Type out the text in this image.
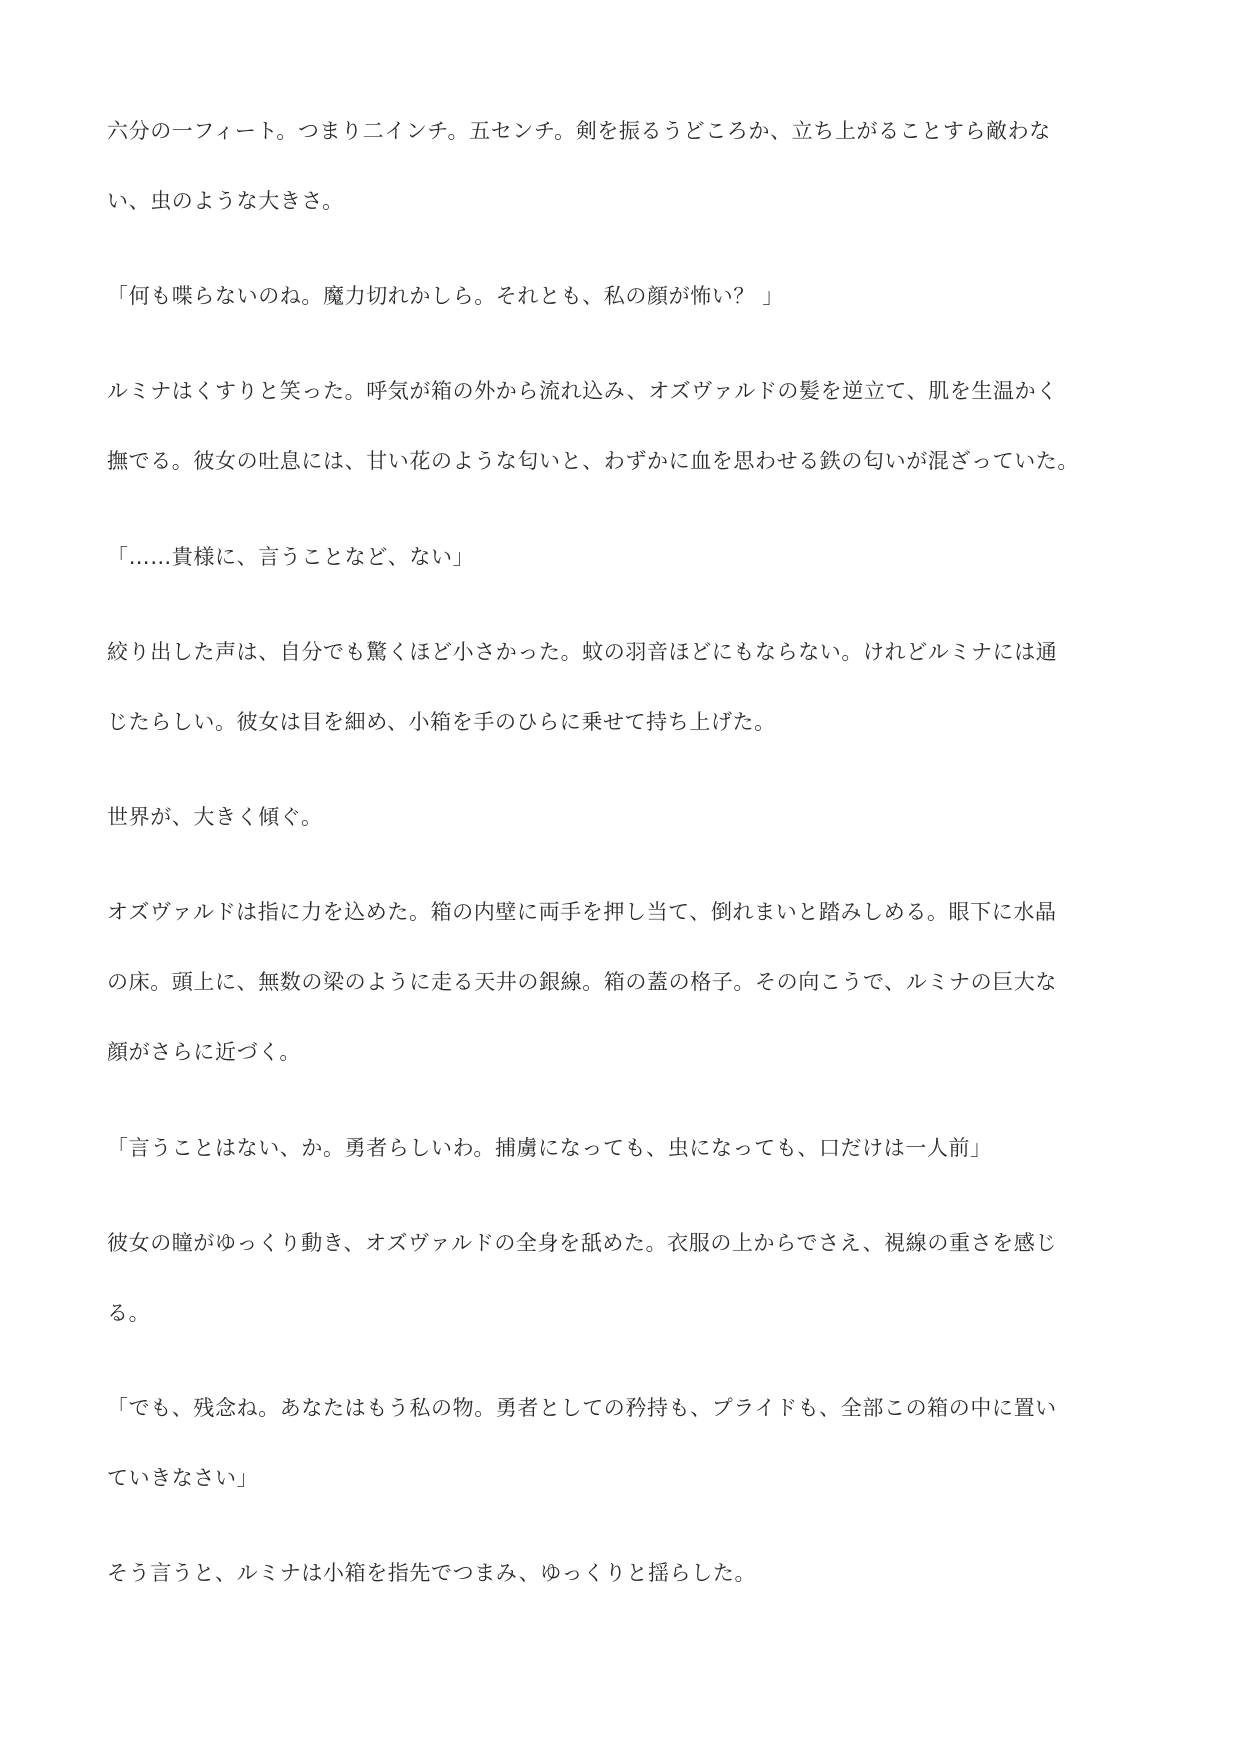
六分の一フィート。つまり二インチ。五センチ。剣を振るうどころか、立ち上がることすら敵わな
い、虫のような大きさ。

「何も喋らないのね。魔力切れかしら。それとも、私の顔が怖い？ 」

ルミナはくすりと笑った。呼気が箱の外から流れ込み、オズヴァルドの髪を逆立て、肌を生温かく
撫でる。彼女の吐息には、甘い花のような匂いと、わずかに血を思わせる鉄の匂いが混ざっていた。

「……貴様に、言うことなど、ない」

絞り出した声は、自分でも驚くほど小さかった。蚊の羽音ほどにもならない。けれどルミナには通
じたらしい。彼女は目を細め、小箱を手のひらに乗せて持ち上げた。

世界が、大きく傾ぐ。

オズヴァルドは指に力を込めた。箱の内壁に両手を押し当て、倒れまいと踏みしめる。眼下に水晶
の床。頭上に、無数の梁のように走る天井の銀線。箱の蓋の格子。その向こうで、ルミナの巨大な
顔がさらに近づく。

「言うことはない、か。勇者らしいわ。捕虜になっても、虫になっても、口だけは一人前」

彼女の瞳がゆっくり動き、オズヴァルドの全身を舐めた。衣服の上からでさえ、視線の重さを感じ
る。

「でも、残念ね。あなたはもう私の物。勇者としての矜持も、プライドも、全部この箱の中に置い
ていきなさい」

そう言うと、ルミナは小箱を指先でつまみ、ゆっくりと揺らした。
